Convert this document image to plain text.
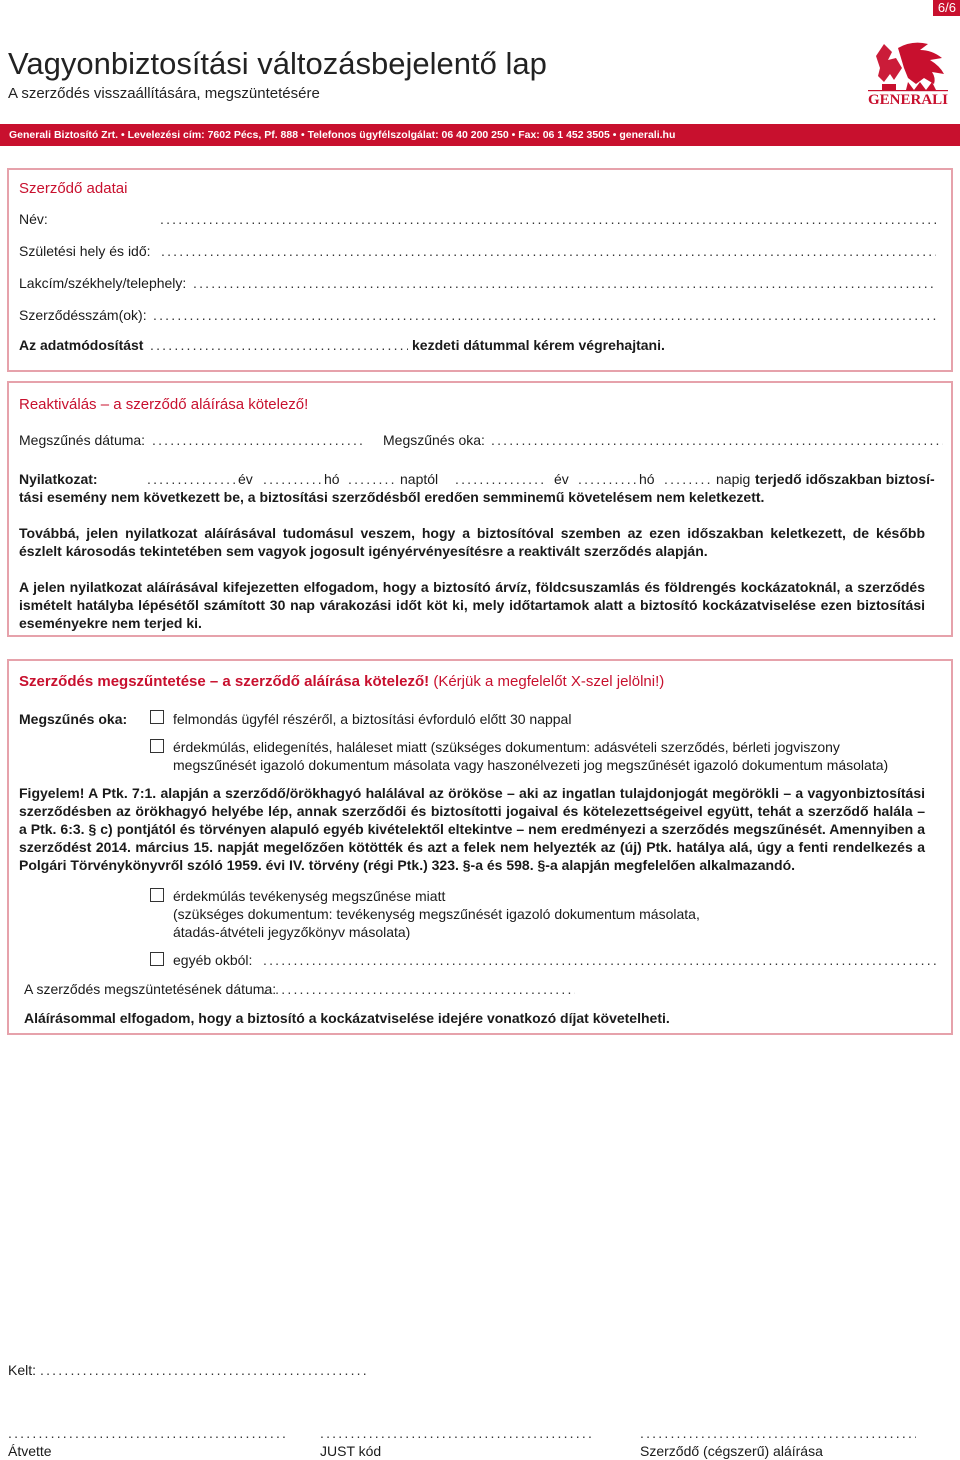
6/6
Vagyonbiztosítási változásbejelentő lap
A szerződés visszaállítására, megszüntetésére	GENERALI
Generali Biztosító Zrt. • Levelezési cím: 7602 Pécs, Pf. 888 • Telefonos ügyfélszolgálat: 06 40 200 250 • Fax: 06 1 452 3505 • generali.hu
Szerződő adatai
Név:
.....
Születési hely és idő:
.....
Lakcím/székhely/telephely:
.....
Szerződésszám(ok):
.....
Az adatmódosítást .....	kezdeti dátummal kérem végrehajtani.
Reaktiválás – a szerződő aláírása kötelező!
Megszűnés dátuma: .....	Megszűnés oka:
.....
Nyilatkozat: .....	év .....	hó .....	naptól .....	év .....	hó .....	napig terjedő időszakban biztosí-
tási esemény nem következett be, a biztosítási szerződésből eredően semminemű követelésem nem keletkezett.
Továbbá, jelen nyilatkozat aláírásával tudomásul veszem, hogy a biztosítóval szemben az ezen időszakban keletkezett, de később észlelt károsodás tekintetében sem vagyok jogosult igényérvényesítésre a reaktivált szerződés alapján.
A jelen nyilatkozat aláírásával kifejezetten elfogadom, hogy a biztosító árvíz, földcsuszamlás és földrengés kockázatoknál, a szerződés ismételt hatályba lépésétől számított 30 nap várakozási időt köt ki, mely időtartamok alatt a biztosító kockázatviselése ezen biztosítási eseményekre nem terjed ki.
Szerződés megszűntetése – a szerződő aláírása kötelező! (Kérjük a megfelelőt X-szel jelölni!)
Megszűnés oka:	felmondás ügyfél részéről, a biztosítási évforduló előtt 30 nappal
érdekmúlás, elidegenítés, haláleset miatt (szükséges dokumentum: adásvételi szerződés, bérleti jogviszony
megszűnését igazoló dokumentum másolata vagy haszonélvezeti jog megszűnését igazoló dokumentum másolata)
Figyelem! A Ptk. 7:1. alapján a szerződő/örökhagyó halálával az örököse – aki az ingatlan tulajdonjogát megörökli – a vagyonbiztosítási szerződésben az örökhagyó helyébe lép, annak szerződői és biztosítotti jogaival és kötelezettségeivel együtt, tehát a szerződő halála – a Ptk. 6:3. § c) pontjától és törvényen alapuló egyéb kivételektől eltekintve – nem eredményezi a szerződés megszűnését. Amennyiben a szerződést 2014. március 15. napját megelőzően kötötték és azt a felek nem helyezték az (új) Ptk. hatálya alá, úgy a fenti rendelkezés a Polgári Törvénykönyvről szóló 1959. évi IV. törvény (régi Ptk.) 323. §-a és 598. §-a alapján megfelelően alkalmazandó.
érdekmúlás tevékenység megszűnése miatt
(szükséges dokumentum: tevékenység megszűnését igazoló dokumentum másolata,
átadás-átvételi jegyzőkönyv másolata)
egyéb okból:
.....
A szerződés megszüntetésének dátuma:
.....
Aláírásommal elfogadom, hogy a biztosító a kockázatviselése idejére vonatkozó díjat követelheti.
Kelt:
.....
.....
.....
.....
Átvette	JUST kód	Szerződő (cégszerű) aláírása
